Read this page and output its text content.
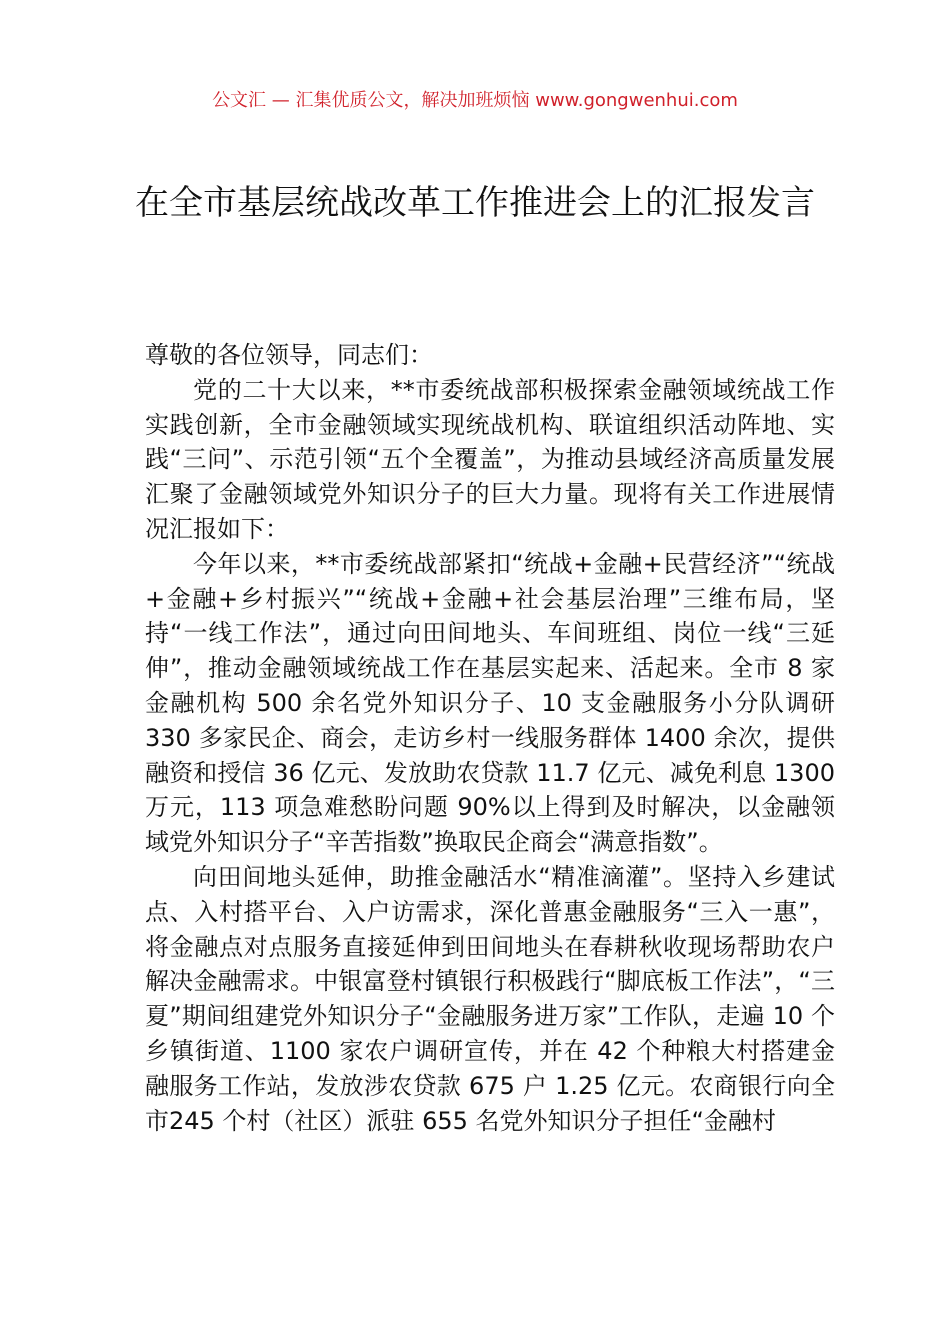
公文汇 — 汇集优质公文，解决加班烦恼 www.gongwenhui.com
在全市基层统战改革工作推进会上的汇报发言

尊敬的各位领导，同志们：

党的二十大以来，**市委统战部积极探索金融领域统战工作实践创新，全市金融领域实现统战机构、联谊组织活动阵地、实践“三问”、示范引领“五个全覆盖”，为推动县域经济高质量发展汇聚了金融领域党外知识分子的巨大力量。现将有关工作进展情况汇报如下：

今年以来，**市委统战部紧扣“统战+金融+民营经济”“统战+金融+乡村振兴”“统战+金融+社会基层治理”三维布局，坚持“一线工作法”，通过向田间地头、车间班组、岗位一线“三延伸”，推动金融领域统战工作在基层实起来、活起来。全市 8 家金融机构 500 余名党外知识分子、10 支金融服务小分队调研 330 多家民企、商会，走访乡村一线服务群体 1400 余次，提供融资和授信 36 亿元、发放助农贷款 11.7 亿元、减免利息 1300 万元，113 项急难愁盼问题 90%以上得到及时解决，以金融领域党外知识分子“辛苦指数”换取民企商会“满意指数”。

向田间地头延伸，助推金融活水“精准滴灌”。坚持入乡建试点、入村搭平台、入户访需求，深化普惠金融服务“三入一惠”，将金融点对点服务直接延伸到田间地头在春耕秋收现场帮助农户解决金融需求。中银富登村镇银行积极践行“脚底板工作法”，“三夏”期间组建党外知识分子“金融服务进万家”工作队，走遍 10 个乡镇街道、1100 家农户调研宣传，并在 42 个种粮大村搭建金融服务工作站，发放涉农贷款 675 户 1.25 亿元。农商银行向全市245 个村（社区）派驻 655 名党外知识分子担任“金融村
